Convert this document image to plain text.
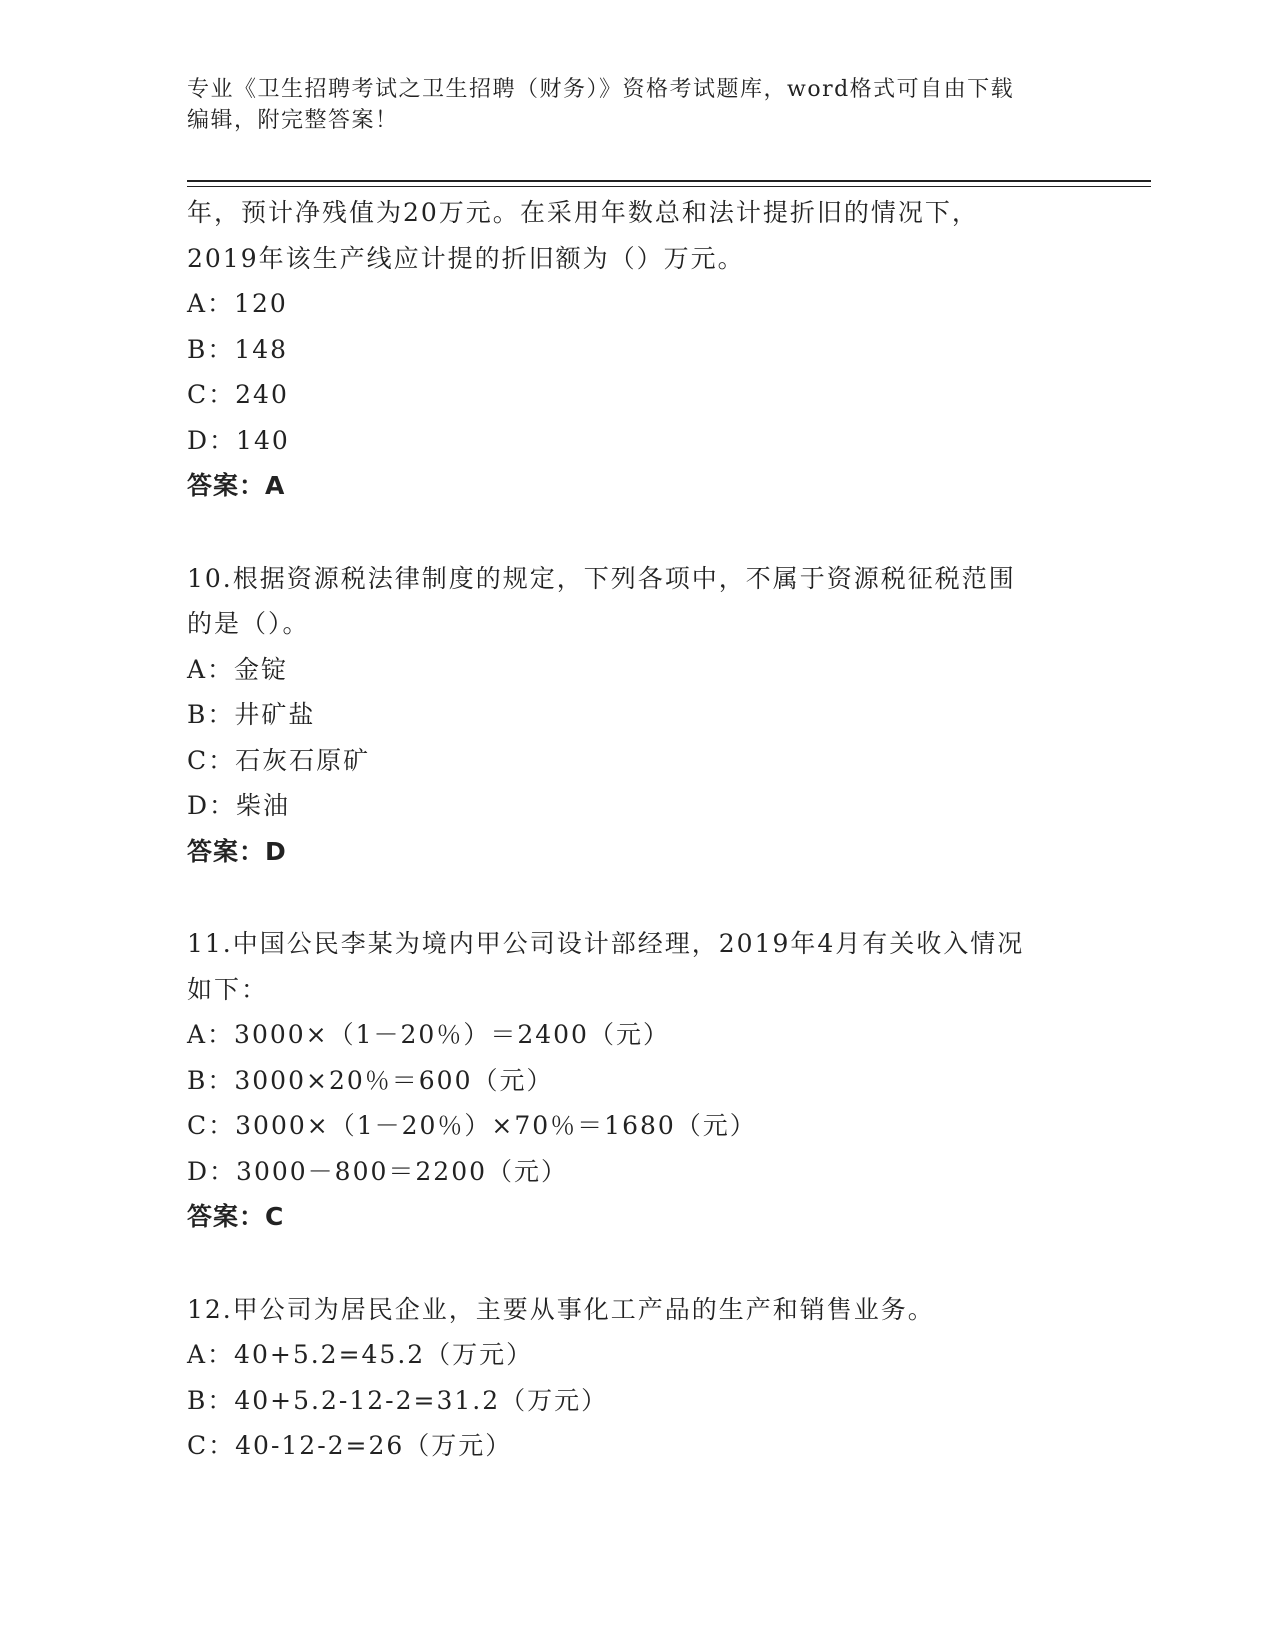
专业《卫生招聘考试之卫生招聘（财务）》资格考试题库，word格式可自由下载
编辑，附完整答案！
年，预计净残值为20万元。在采用年数总和法计提折旧的情况下，
2019年该生产线应计提的折旧额为（）万元。
A：120
B：148
C：240
D：140
答案：A
10.根据资源税法律制度的规定，下列各项中，不属于资源税征税范围
的是（）。
A：金锭
B：井矿盐
C：石灰石原矿
D：柴油
答案：D
11.中国公民李某为境内甲公司设计部经理，2019年4月有关收入情况
如下：
A：3000×（1－20％）＝2400（元）
B：3000×20％＝600（元）
C：3000×（1－20％）×70％＝1680（元）
D：3000－800＝2200（元）
答案：C
12.甲公司为居民企业，主要从事化工产品的生产和销售业务。
A：40+5.2=45.2（万元）
B：40+5.2-12-2=31.2（万元）
C：40-12-2=26（万元）
